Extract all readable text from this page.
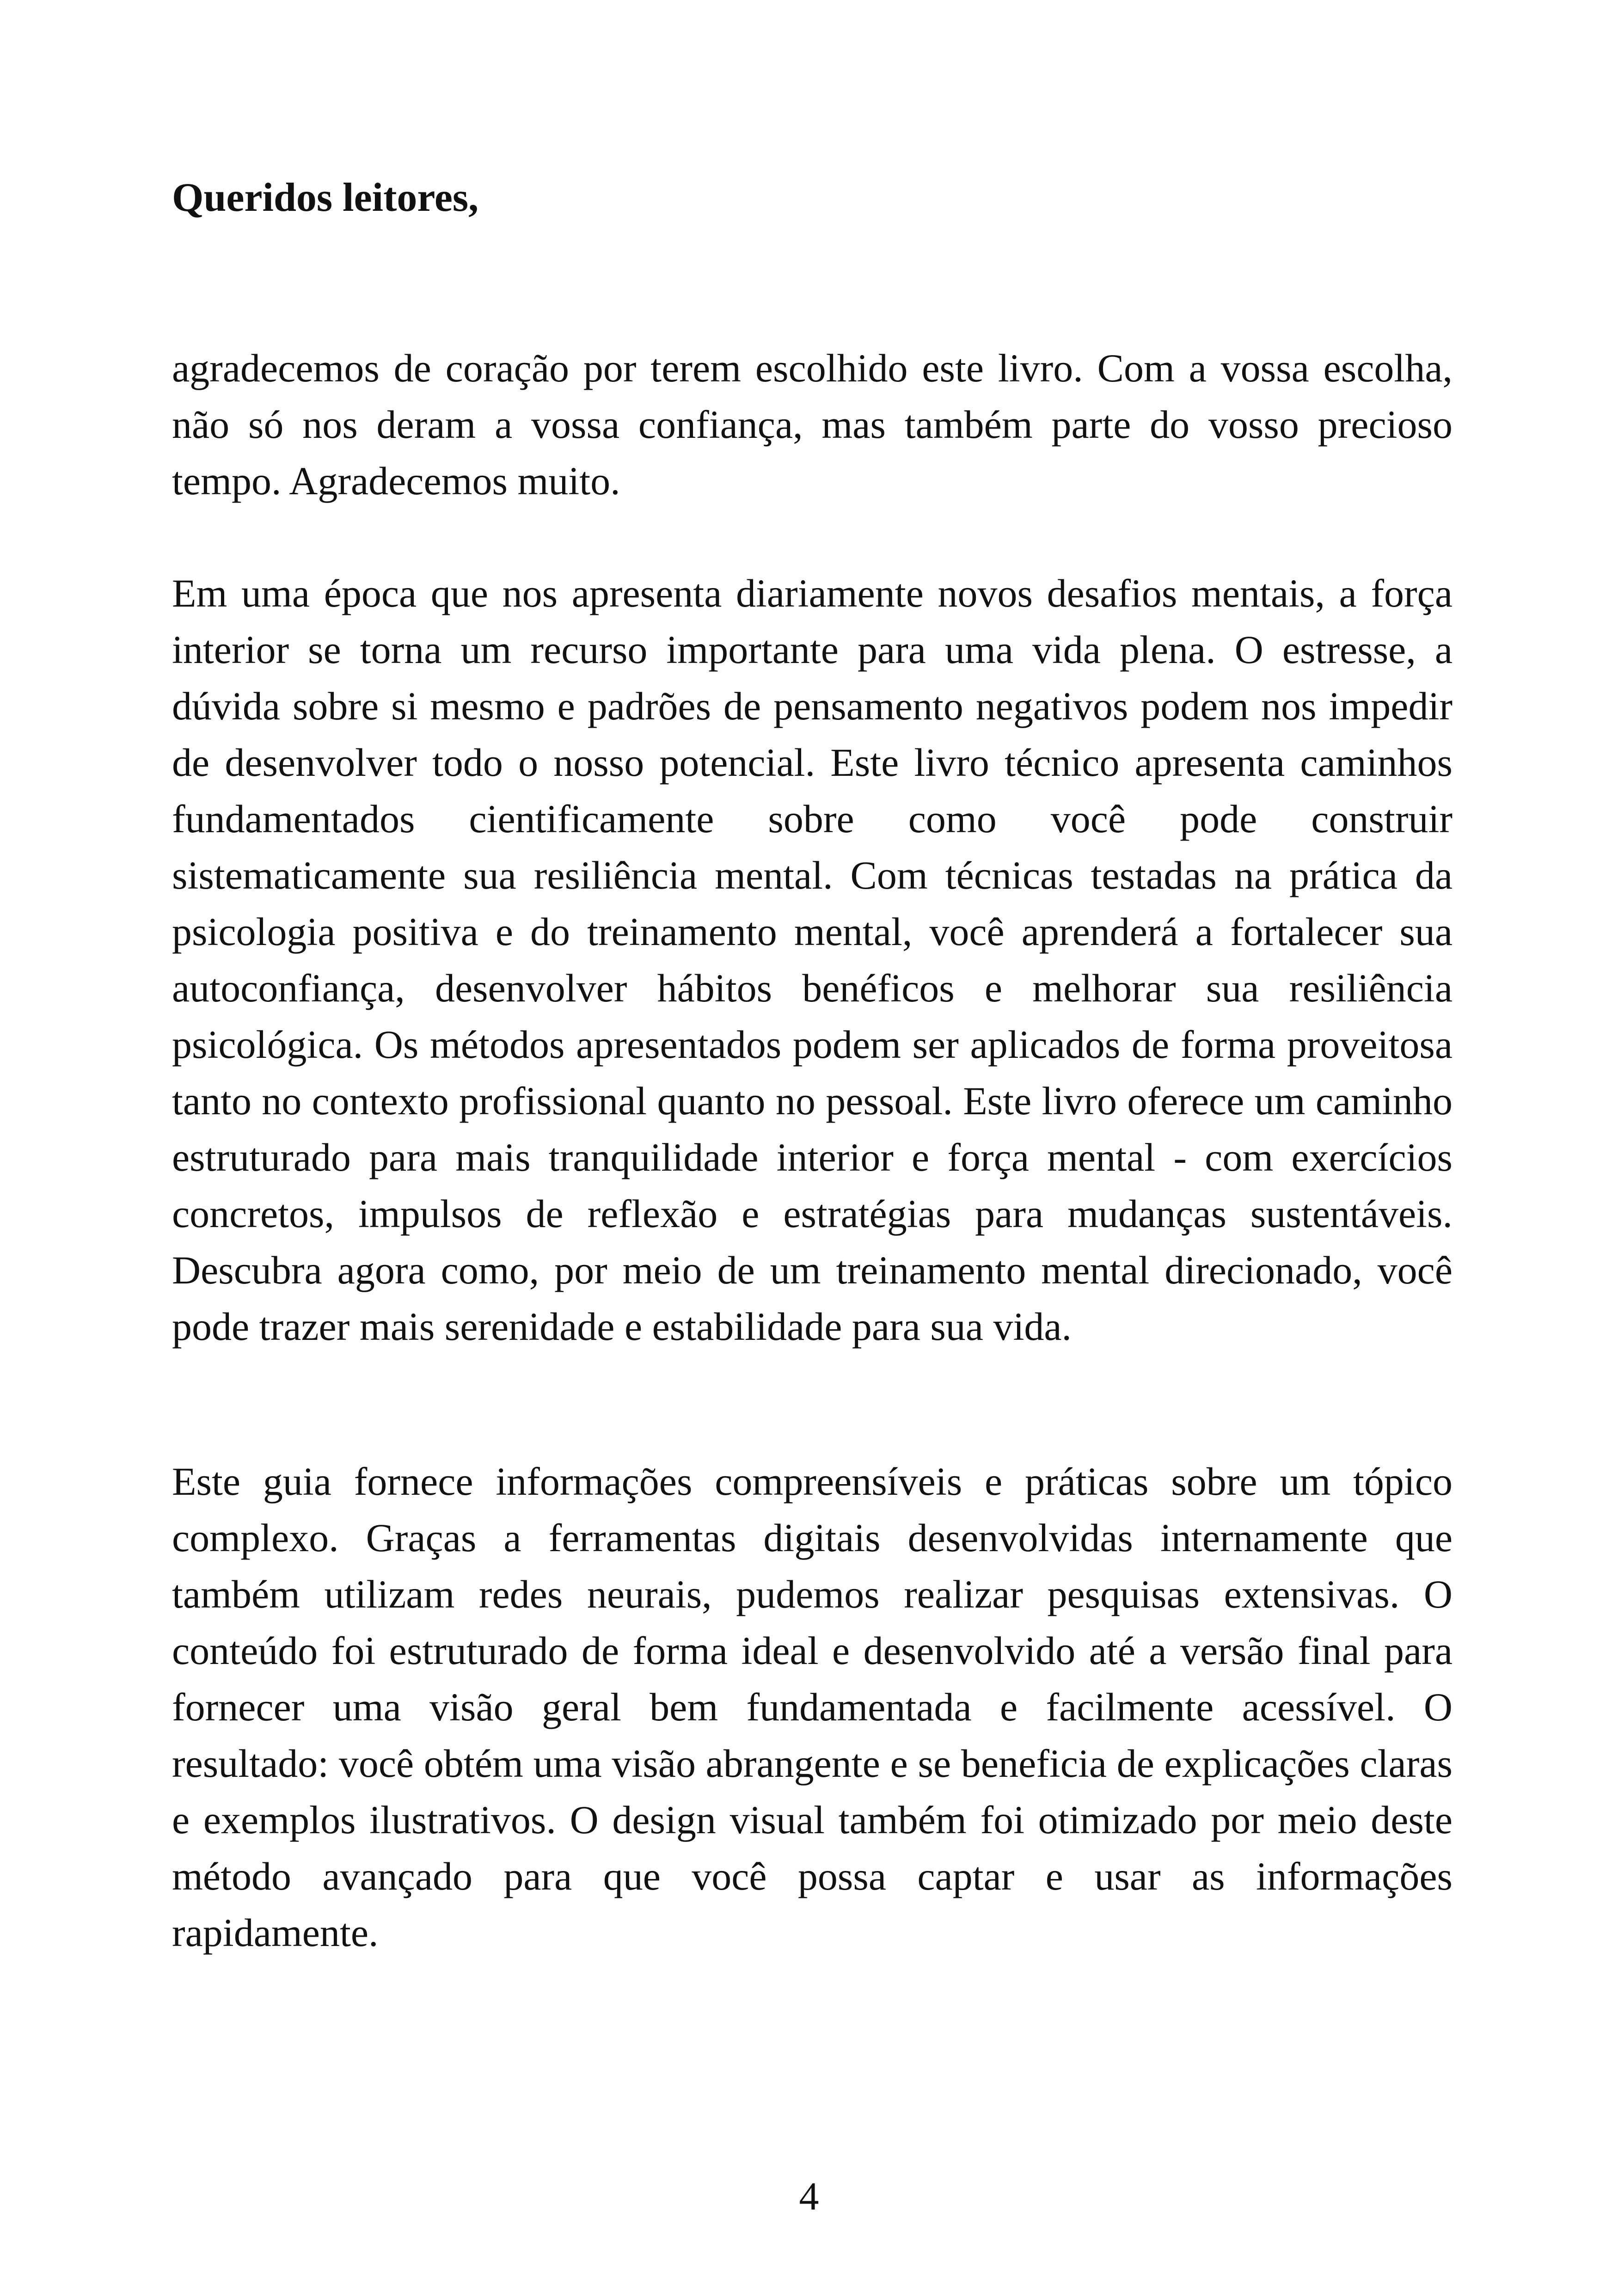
Queridos leitores,

agradecemos de coração por terem escolhido este livro. Com a vossa escolha, não só nos deram a vossa confiança, mas também parte do vosso precioso tempo. Agradecemos muito.

Em uma época que nos apresenta diariamente novos desafios mentais, a força interior se torna um recurso importante para uma vida plena. O estresse, a dúvida sobre si mesmo e padrões de pensamento negativos podem nos impedir de desenvolver todo o nosso potencial. Este livro técnico apresenta caminhos fundamentados cientificamente sobre como você pode construir sistematicamente sua resiliência mental. Com técnicas testadas na prática da psicologia positiva e do treinamento mental, você aprenderá a fortalecer sua autoconfiança, desenvolver hábitos benéficos e melhorar sua resiliência psicológica. Os métodos apresentados podem ser aplicados de forma proveitosa tanto no contexto profissional quanto no pessoal. Este livro oferece um caminho estruturado para mais tranquilidade interior e força mental - com exercícios concretos, impulsos de reflexão e estratégias para mudanças sustentáveis. Descubra agora como, por meio de um treinamento mental direcionado, você pode trazer mais serenidade e estabilidade para sua vida.

Este guia fornece informações compreensíveis e práticas sobre um tópico complexo. Graças a ferramentas digitais desenvolvidas internamente que também utilizam redes neurais, pudemos realizar pesquisas extensivas. O conteúdo foi estruturado de forma ideal e desenvolvido até a versão final para fornecer uma visão geral bem fundamentada e facilmente acessível. O resultado: você obtém uma visão abrangente e se beneficia de explicações claras e exemplos ilustrativos. O design visual também foi otimizado por meio deste método avançado para que você possa captar e usar as informações rapidamente.

4
